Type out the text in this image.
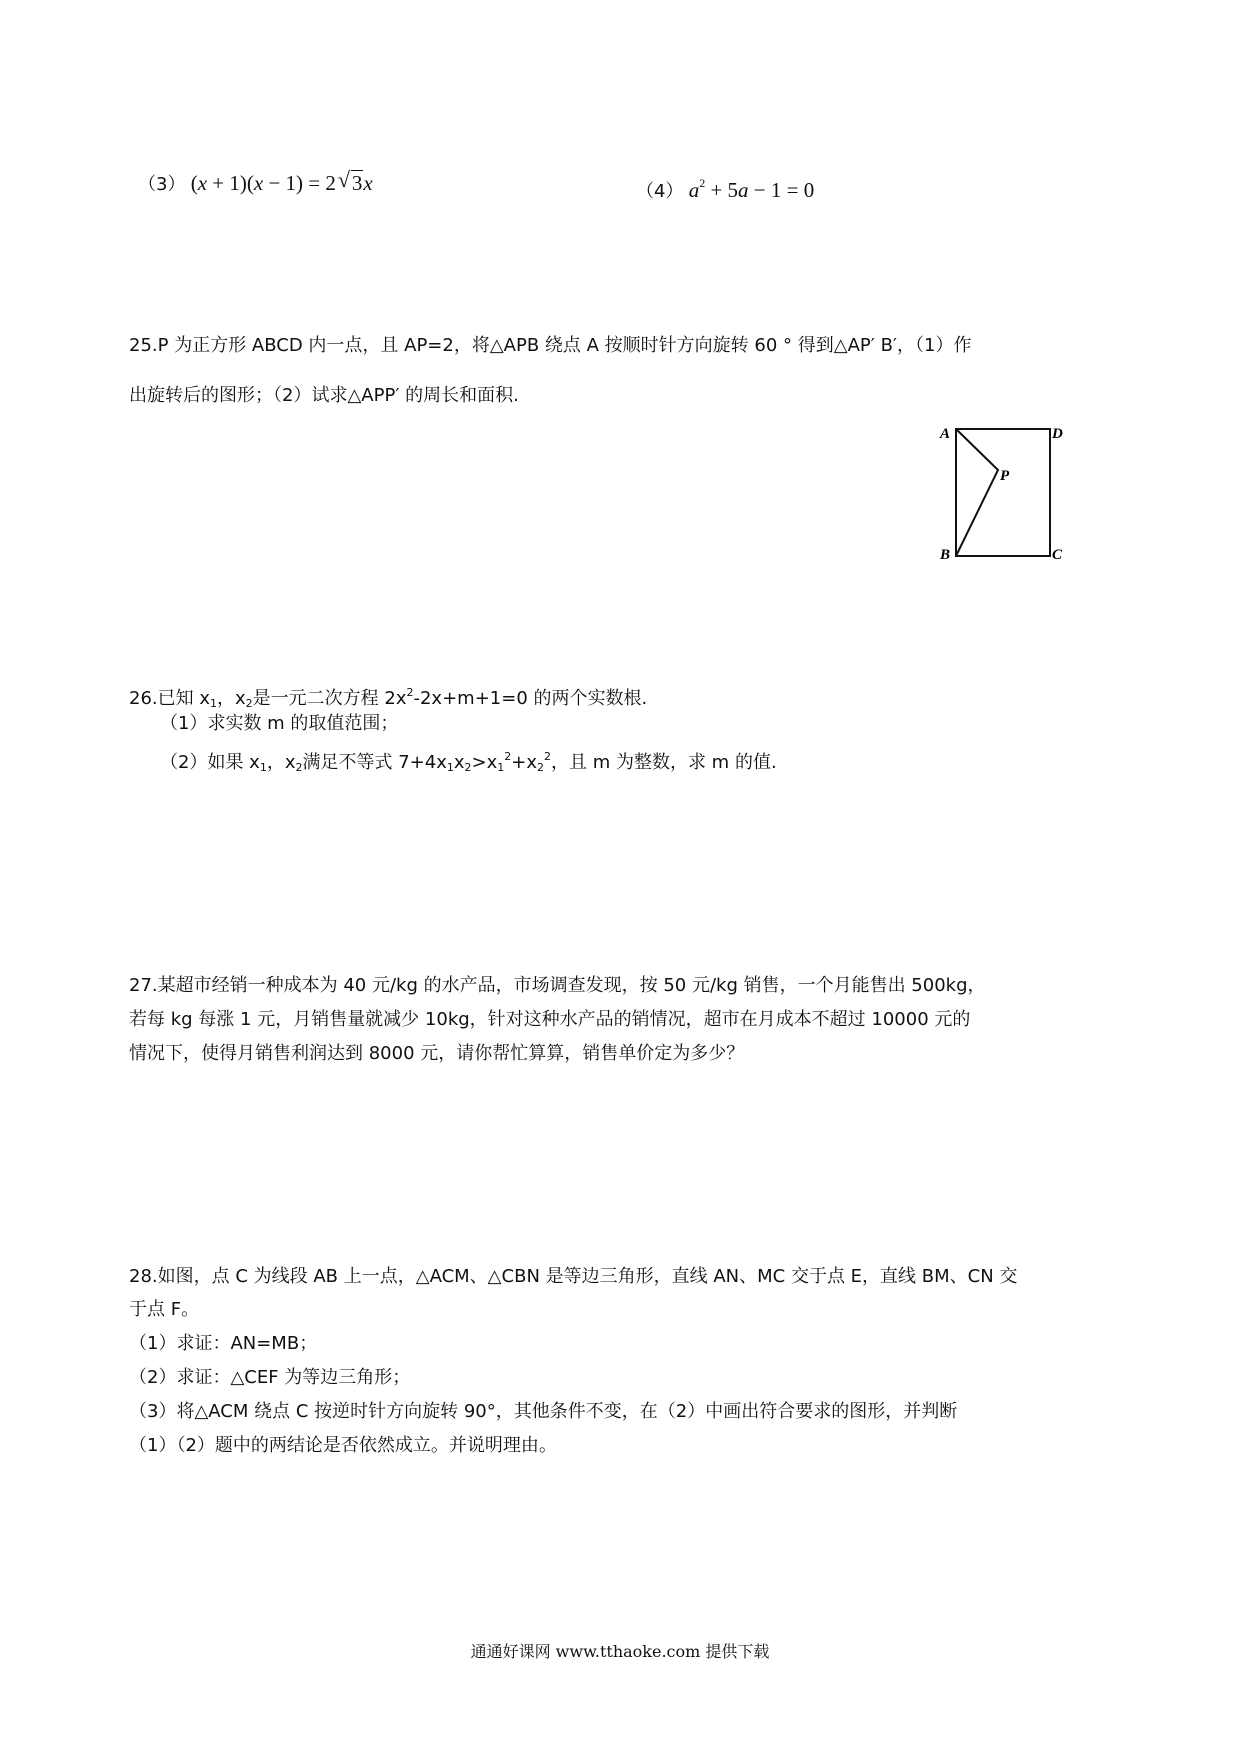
（3） (x + 1)(x − 1) = 2 √ 3x	（4） $a^2 + 5a - 1 = 0$
25.P 为正方形 ABCD 内一点，且 AP=2，将△APB 绕点 A 按顺时针方向旋转 60 ° 得到△AP′ B′，（1）作
出旋转后的图形；（2）试求△APP′ 的周长和面积.
A	D
P
B	C
26.已知 $x_1$，$x_2$是一元二次方程 $2x^2-2x+m+1=0$ 的两个实数根.
（1）求实数 m 的取值范围；
（2）如果 $x_1$，$x_2$满足不等式 $7+4x_1x_2>x_1^2+x_2^2$，且 m 为整数，求 m 的值.
27.某超市经销一种成本为 40 元/kg 的水产品，市场调查发现，按 50 元/kg 销售，一个月能售出 500kg，
若每 kg 每涨 1 元，月销售量就减少 10kg，针对这种水产品的销情况，超市在月成本不超过 10000 元的
情况下，使得月销售利润达到 8000 元，请你帮忙算算，销售单价定为多少？
28.如图，点 C 为线段 AB 上一点，△ACM、△CBN 是等边三角形，直线 AN、MC 交于点 E，直线 BM、CN 交
于点 F。
（1）求证：AN=MB；
（2）求证：△CEF 为等边三角形；
（3）将△ACM 绕点 C 按逆时针方向旋转 90°，其他条件不变，在（2）中画出符合要求的图形，并判断
（1）（2）题中的两结论是否依然成立。并说明理由。
通通好课网 www.tthaoke.com 提供下载
